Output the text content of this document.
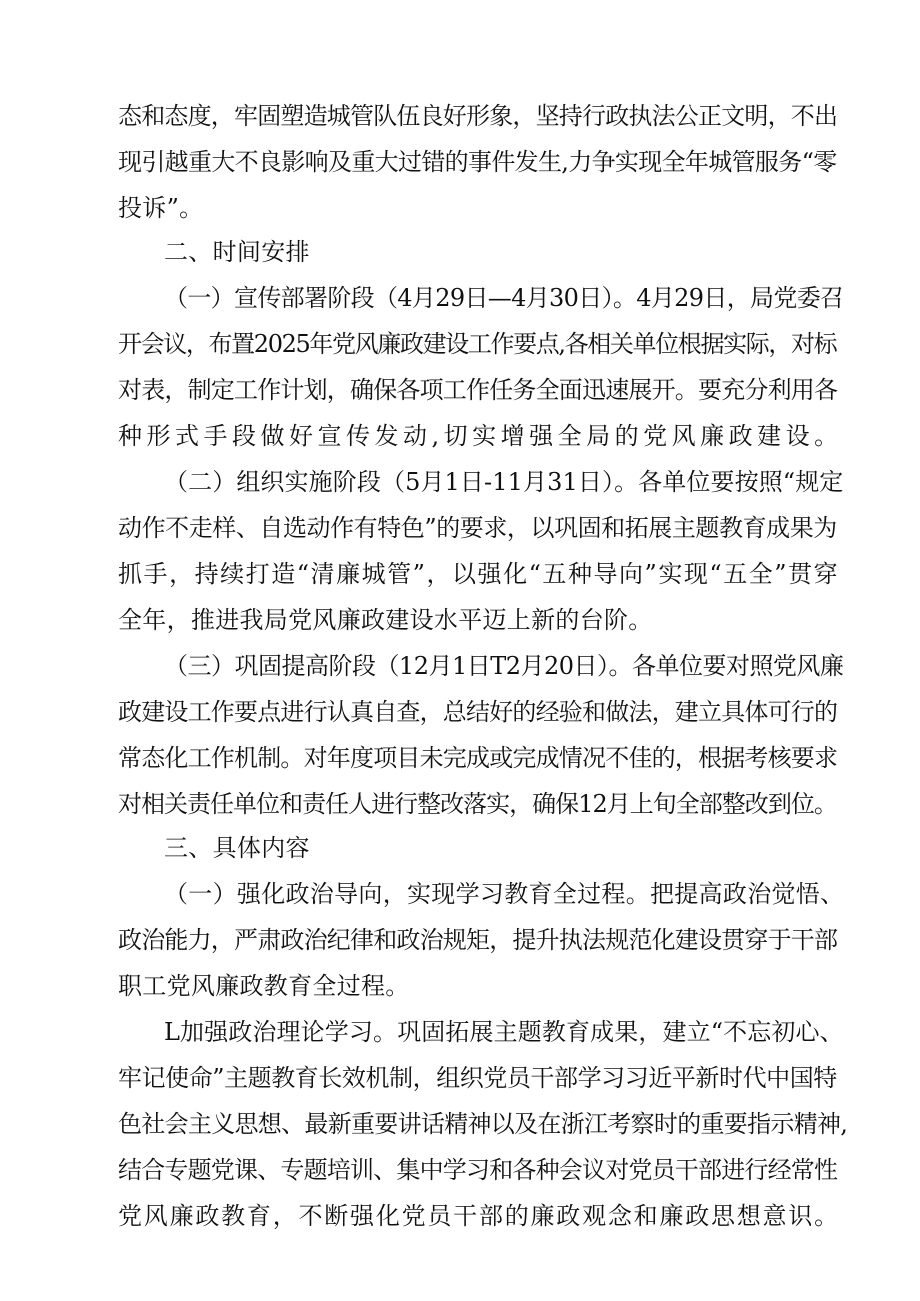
态和态度，牢固塑造城管队伍良好形象，坚持行政执法公正文明，不出
现引越重大不良影响及重大过错的事件发生,力争实现全年城管服务“零
投诉”。
二、时间安排
（一）宣传部署阶段（4月29日—4月30日）。4月29日，局党委召
开会议，布置2025年党风廉政建设工作要点,各相关单位根据实际，对标
对表，制定工作计划，确保各项工作任务全面迅速展开。要充分利用各
种形式手段做好宣传发动,切实增强全局的党风廉政建设。
（二）组织实施阶段（5月1日-11月31日）。各单位要按照“规定
动作不走样、自选动作有特色”的要求，以巩固和拓展主题教育成果为
抓手，持续打造“清廉城管”，以强化“五种导向”实现“五全”贯穿
全年，推进我局党风廉政建设水平迈上新的台阶。
（三）巩固提高阶段（12月1日T2月20日）。各单位要对照党风廉
政建设工作要点进行认真自查，总结好的经验和做法，建立具体可行的
常态化工作机制。对年度项目未完成或完成情况不佳的，根据考核要求
对相关责任单位和责任人进行整改落实，确保12月上旬全部整改到位。
三、具体内容
（一）强化政治导向，实现学习教育全过程。把提高政治觉悟、
政治能力，严肃政治纪律和政治规矩，提升执法规范化建设贯穿于干部
职工党风廉政教育全过程。
L加强政治理论学习。巩固拓展主题教育成果，建立“不忘初心、
牢记使命”主题教育长效机制，组织党员干部学习习近平新时代中国特
色社会主义思想、最新重要讲话精神以及在浙江考察时的重要指示精神,
结合专题党课、专题培训、集中学习和各种会议对党员干部进行经常性
党风廉政教育，不断强化党员干部的廉政观念和廉政思想意识。
